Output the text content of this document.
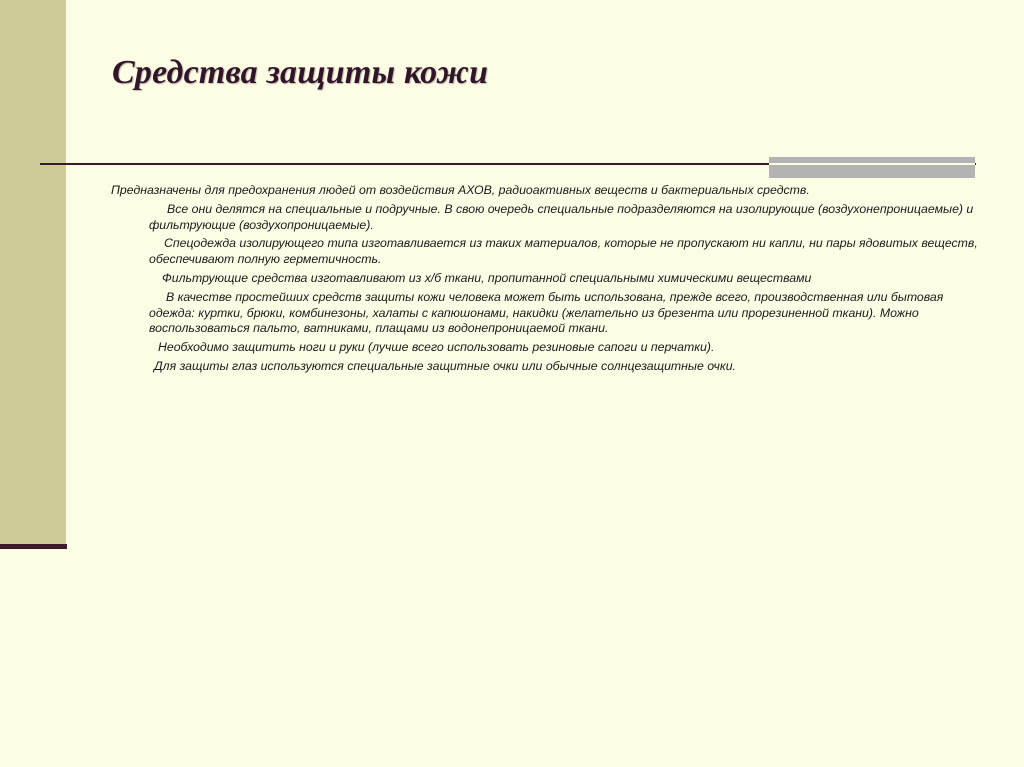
Средства защиты кожи

Предназначены для предохранения людей от воздействия АХОВ, радиоактивных веществ и бактериальных средств.

Все они делятся на специальные и подручные. В свою очередь специальные подразделяются на изолирующие (воздухонепроницаемые) и фильтрующие (воздухопроницаемые).

Спецодежда изолирующего типа изготавливается из таких материалов, которые не пропускают ни капли, ни пары ядовитых веществ, обеспечивают полную герметичность.

Фильтрующие средства изготавливают из х/б ткани, пропитанной специальными химическими веществами

В качестве простейших средств защиты кожи человека может быть использована, прежде всего, производственная или бытовая одежда: куртки, брюки, комбинезоны, халаты с капюшонами, накидки (желательно из брезента или прорезиненной ткани). Можно воспользоваться пальто, ватниками, плащами из водонепроницаемой ткани.

Необходимо защитить ноги и руки (лучше всего использовать резиновые сапоги и перчатки).

Для защиты глаз используются специальные защитные очки или обычные солнцезащитные очки.
